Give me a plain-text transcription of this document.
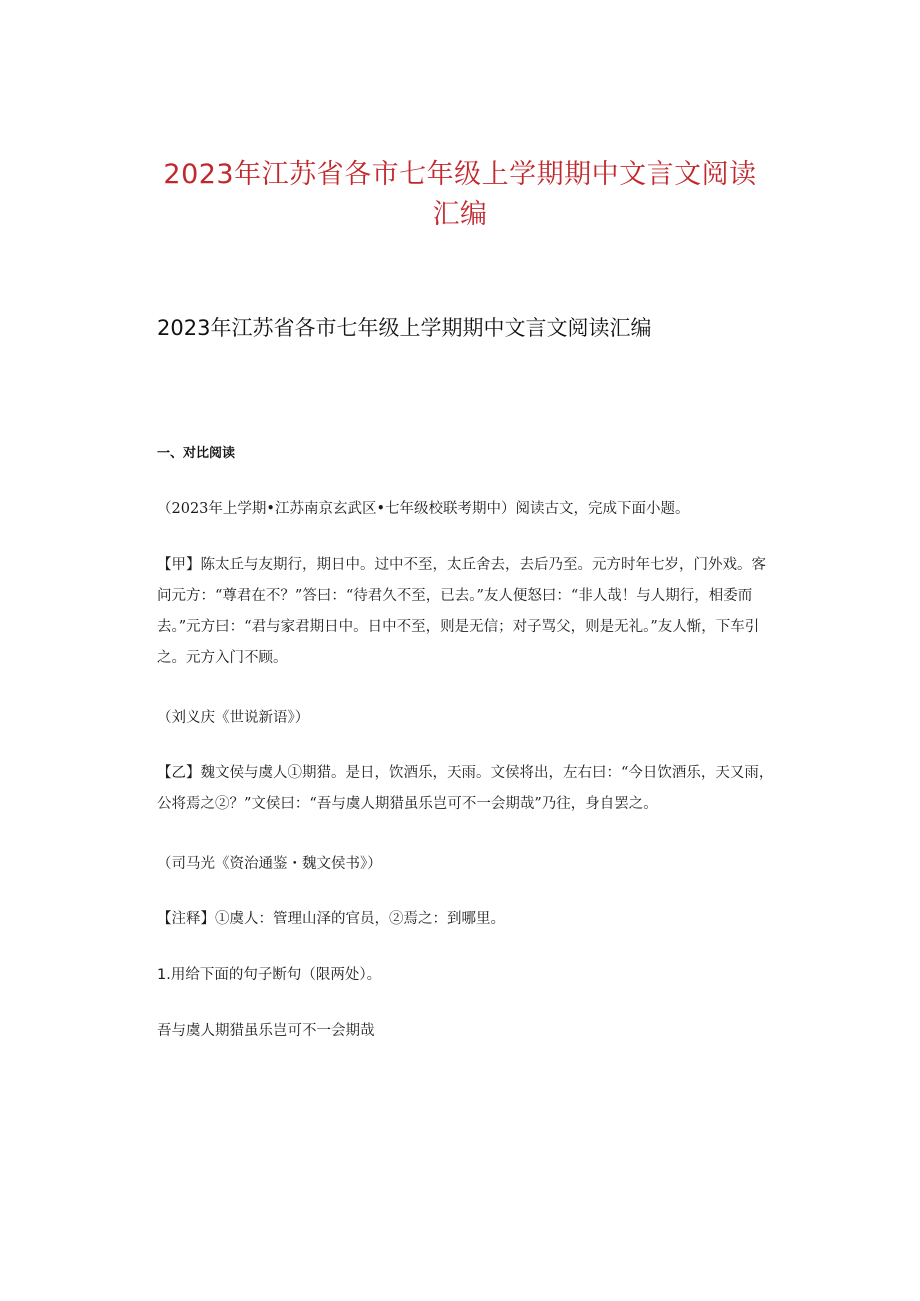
2023年江苏省各市七年级上学期期中文言文阅读
汇编
2023年江苏省各市七年级上学期期中文言文阅读汇编
一、对比阅读

（2023年上学期•江苏南京玄武区•七年级校联考期中）阅读古文，完成下面小题。

【甲】陈太丘与友期行，期日中。过中不至，太丘舍去，去后乃至。元方时年七岁，门外戏。客问元方：“尊君在不？”答曰：“待君久不至，已去。”友人便怒曰：“非人哉！与人期行，相委而去。”元方曰：“君与家君期日中。日中不至，则是无信；对子骂父，则是无礼。”友人惭，下车引之。元方入门不顾。

（刘义庆《世说新语》）

【乙】魏文侯与虞人①期猎。是日，饮酒乐，天雨。文侯将出，左右曰：“今日饮酒乐，天又雨，公将焉之②？”文侯曰：“吾与虞人期猎虽乐岂可不一会期哉”乃往，身自罢之。

（司马光《资治通鉴・魏文侯书》）

【注释】①虞人：管理山泽的官员，②焉之：到哪里。

1.用给下面的句子断句（限两处）。

吾与虞人期猎虽乐岂可不一会期哉
